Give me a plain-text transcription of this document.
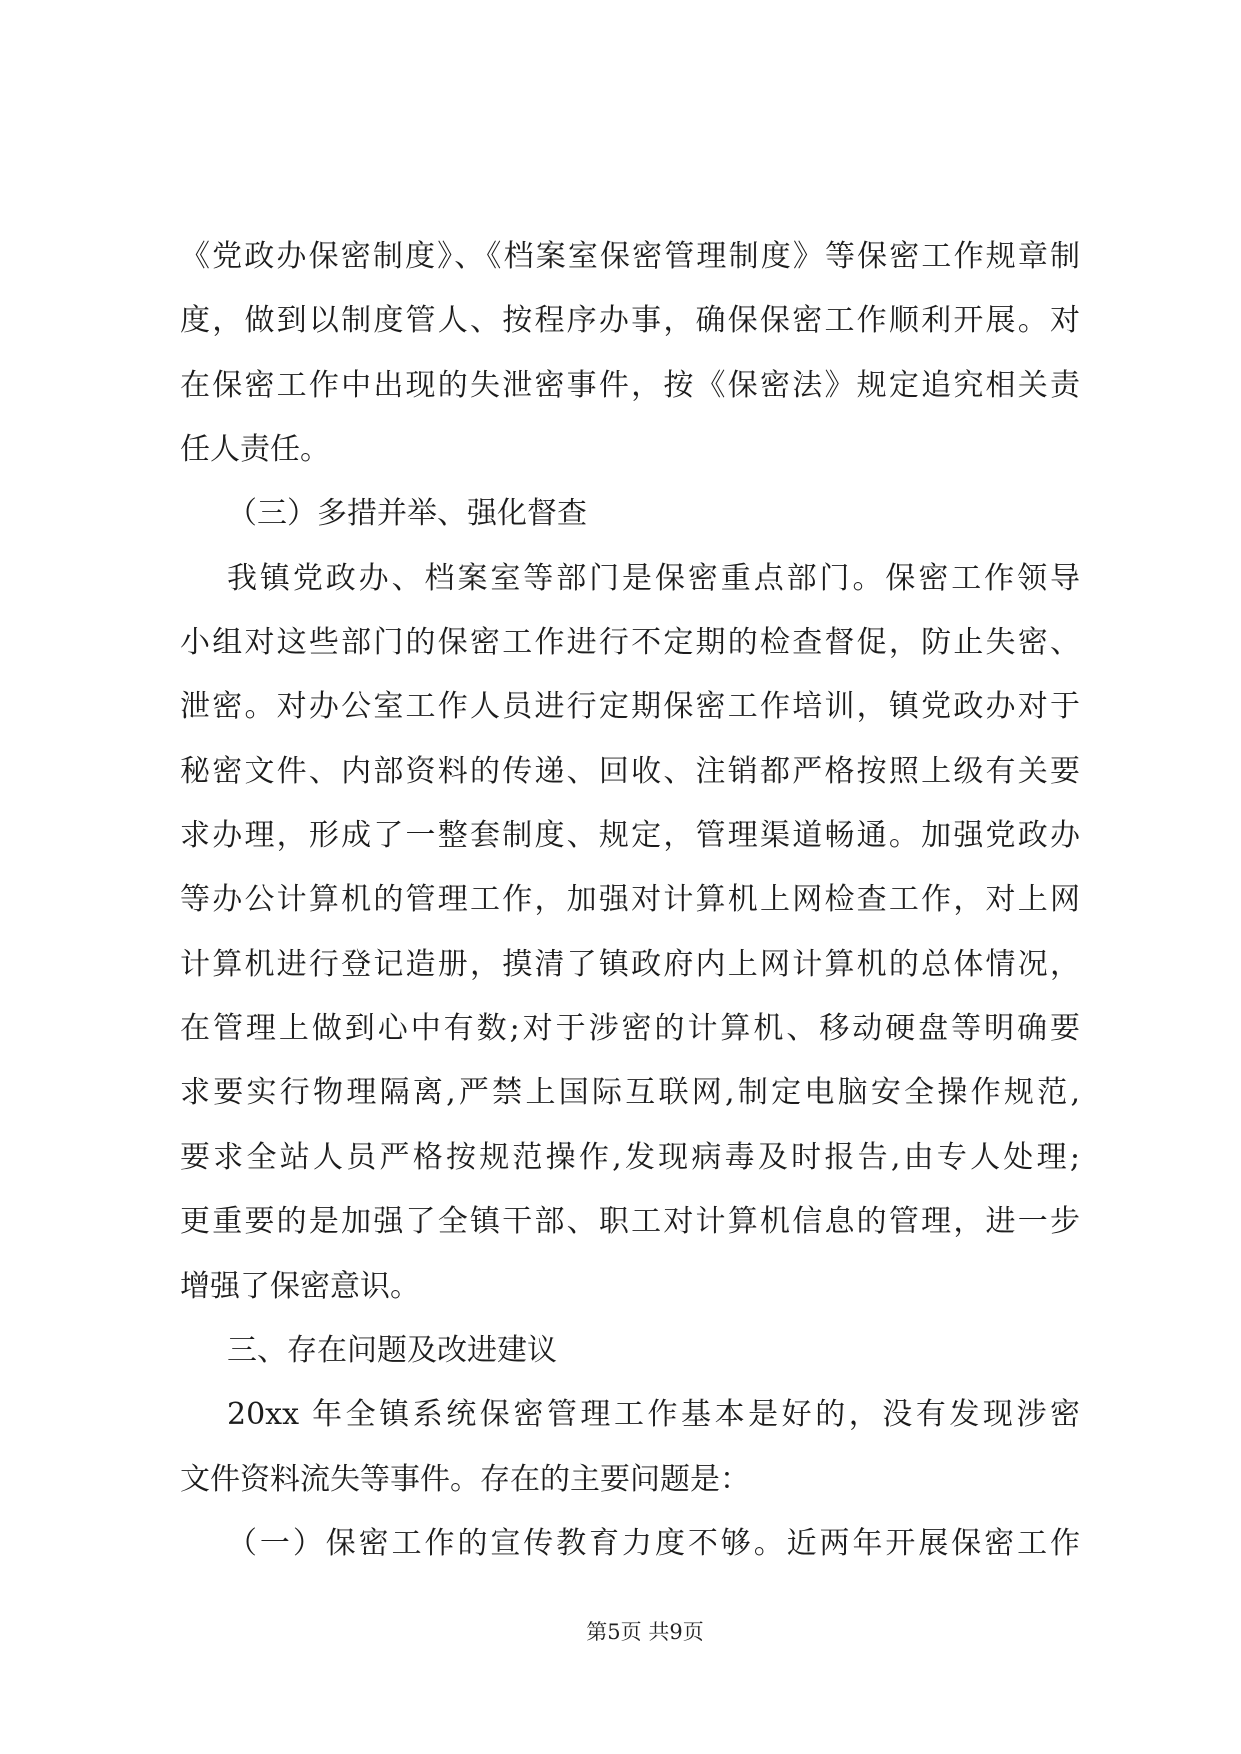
《党政办保密制度》、《档案室保密管理制度》等保密工作规章制
度，做到以制度管人、按程序办事，确保保密工作顺利开展。对
在保密工作中出现的失泄密事件，按《保密法》规定追究相关责
任人责任。
（三）多措并举、强化督查
我镇党政办、档案室等部门是保密重点部门。保密工作领导
小组对这些部门的保密工作进行不定期的检查督促，防止失密、
泄密。对办公室工作人员进行定期保密工作培训，镇党政办对于
秘密文件、内部资料的传递、回收、注销都严格按照上级有关要
求办理，形成了一整套制度、规定，管理渠道畅通。加强党政办
等办公计算机的管理工作，加强对计算机上网检查工作，对上网
计算机进行登记造册，摸清了镇政府内上网计算机的总体情况，
在管理上做到心中有数;对于涉密的计算机、移动硬盘等明确要
求要实行物理隔离,严禁上国际互联网,制定电脑安全操作规范,
要求全站人员严格按规范操作,发现病毒及时报告,由专人处理;
更重要的是加强了全镇干部、职工对计算机信息的管理，进一步
增强了保密意识。
三、存在问题及改进建议
20xx 年全镇系统保密管理工作基本是好的，没有发现涉密
文件资料流失等事件。存在的主要问题是：
（一）保密工作的宣传教育力度不够。近两年开展保密工作
第5页 共9页
